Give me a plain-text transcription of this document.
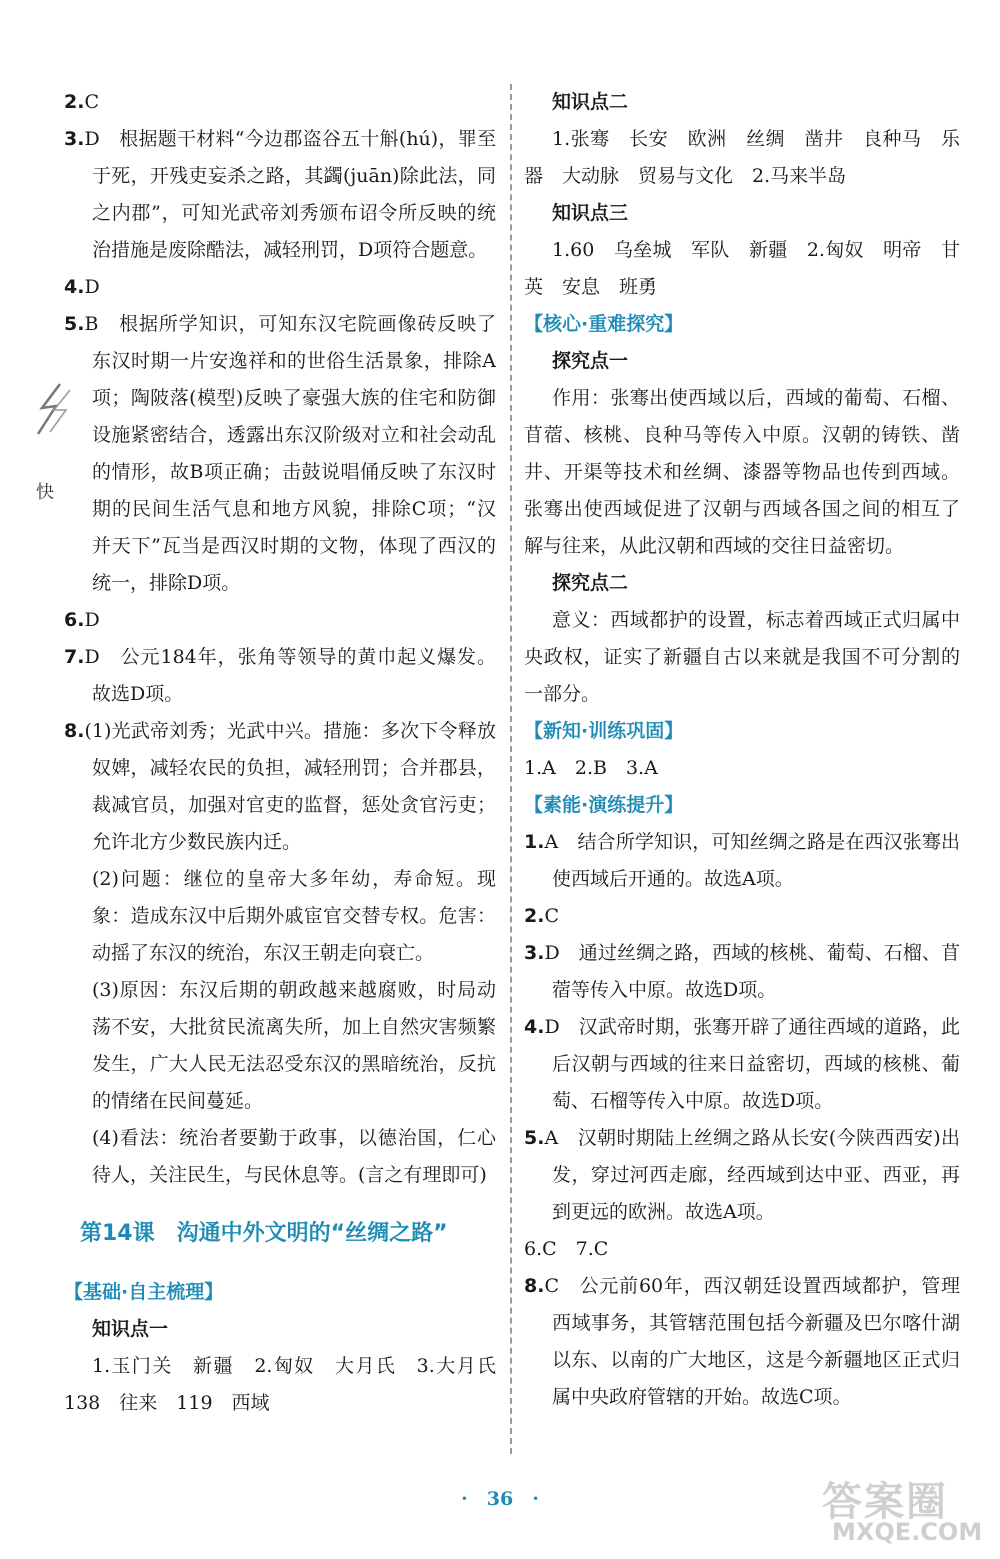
2.C

3.D　根据题干材料“今边郡盗谷五十斛(hú)，罪至于死，开残吏妄杀之路，其蠲(juān)除此法，同之内郡”，可知光武帝刘秀颁布诏令所反映的统治措施是废除酷法，减轻刑罚，D项符合题意。

4.D

5.B　根据所学知识，可知东汉宅院画像砖反映了东汉时期一片安逸祥和的世俗生活景象，排除A项；陶陂落(模型)反映了豪强大族的住宅和防御设施紧密结合，透露出东汉阶级对立和社会动乱的情形，故B项正确；击鼓说唱俑反映了东汉时期的民间生活气息和地方风貌，排除C项；“汉并天下”瓦当是西汉时期的文物，体现了西汉的统一，排除D项。

6.D

7.D　公元184年，张角等领导的黄巾起义爆发。故选D项。

8.(1)光武帝刘秀；光武中兴。措施：多次下令释放奴婢，减轻农民的负担，减轻刑罚；合并郡县，裁减官员，加强对官吏的监督，惩处贪官污吏；允许北方少数民族内迁。

(2)问题：继位的皇帝大多年幼，寿命短。现象：造成东汉中后期外戚宦官交替专权。危害：动摇了东汉的统治，东汉王朝走向衰亡。

(3)原因：东汉后期的朝政越来越腐败，时局动荡不安，大批贫民流离失所，加上自然灾害频繁发生，广大人民无法忍受东汉的黑暗统治，反抗的情绪在民间蔓延。

(4)看法：统治者要勤于政事，以德治国，仁心待人，关注民生，与民休息等。(言之有理即可)

第14课　沟通中外文明的“丝绸之路”
【基础·自主梳理】
知识点一

1.玉门关　新疆　2.匈奴　大月氏　3.大月氏　138　往来　119　西域

知识点二

1.张骞　长安　欧洲　丝绸　凿井　良种马　乐器　大动脉　贸易与文化　2.马来半岛

知识点三

1.60　乌垒城　军队　新疆　2.匈奴　明帝　甘英　安息　班勇

【核心·重难探究】
探究点一

作用：张骞出使西域以后，西域的葡萄、石榴、苜蓿、核桃、良种马等传入中原。汉朝的铸铁、凿井、开渠等技术和丝绸、漆器等物品也传到西域。张骞出使西域促进了汉朝与西域各国之间的相互了解与往来，从此汉朝和西域的交往日益密切。

探究点二

意义：西域都护的设置，标志着西域正式归属中央政权，证实了新疆自古以来就是我国不可分割的一部分。

【新知·训练巩固】

1.A　2.B　3.A

【素能·演练提升】

1.A　结合所学知识，可知丝绸之路是在西汉张骞出使西域后开通的。故选A项。

2.C

3.D　通过丝绸之路，西域的核桃、葡萄、石榴、苜蓿等传入中原。故选D项。

4.D　汉武帝时期，张骞开辟了通往西域的道路，此后汉朝与西域的往来日益密切，西域的核桃、葡萄、石榴等传入中原。故选D项。

5.A　汉朝时期陆上丝绸之路从长安(今陕西西安)出发，穿过河西走廊，经西域到达中亚、西亚，再到更远的欧洲。故选A项。

6.C　7.C

8.C　公元前60年，西汉朝廷设置西域都护，管理西域事务，其管辖范围包括今新疆及巴尔喀什湖以东、以南的广大地区，这是今新疆地区正式归属中央政府管辖的开始。故选C项。

快
·　36　·	答案圈
MXQE.COM
